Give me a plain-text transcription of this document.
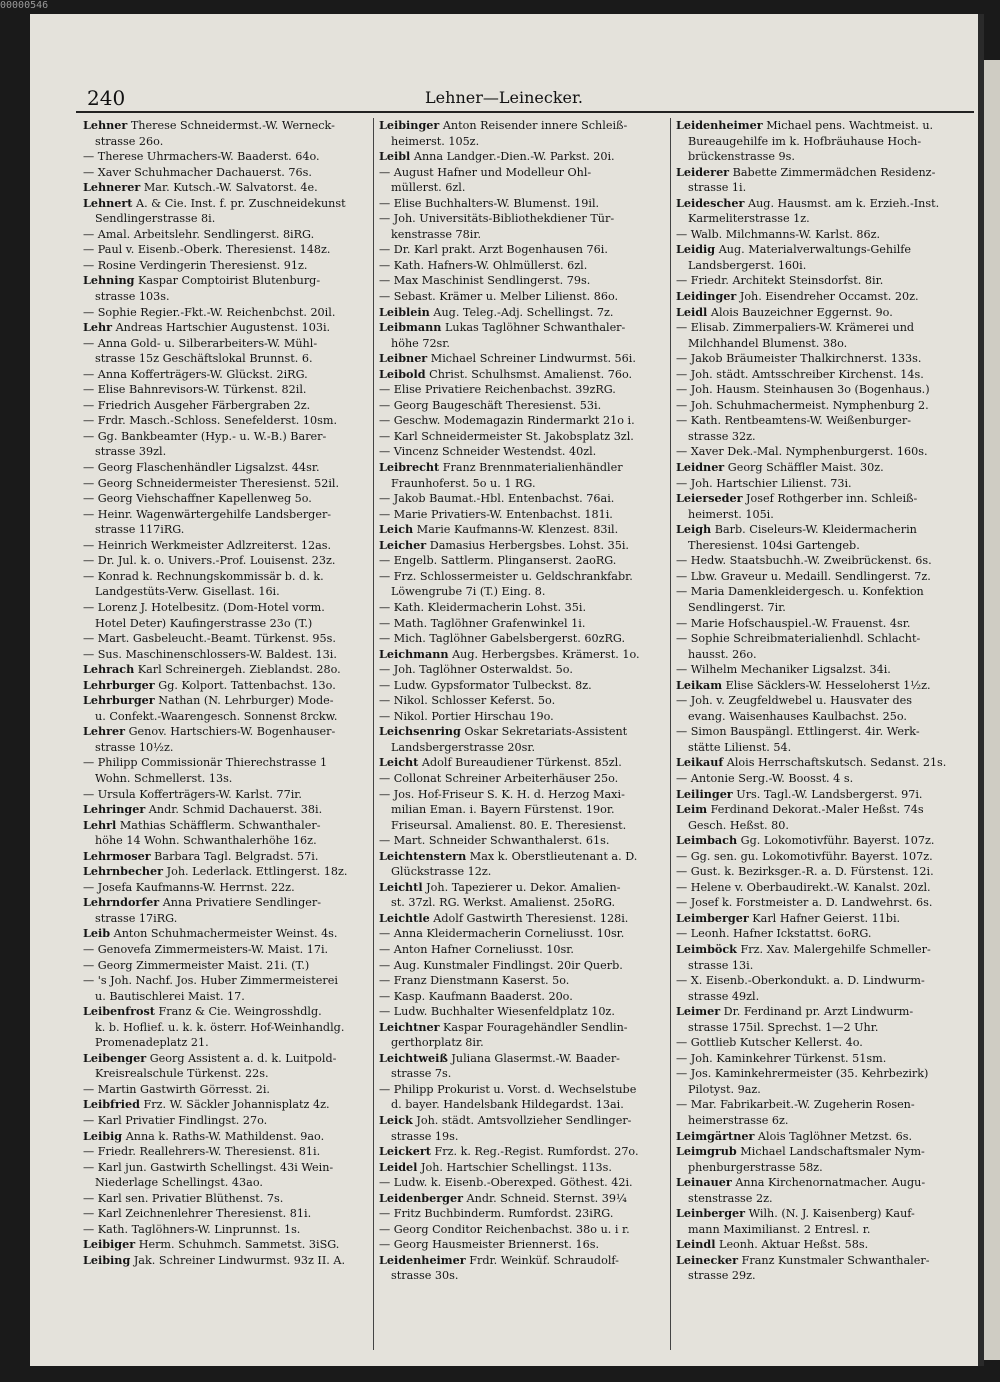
00000546
240	Lehner—Leinecker.
Lehner Therese Schneidermst.-W. Werneck-
strasse 26o.
— Therese Uhrmachers-W. Baaderst. 64o.
— Xaver Schuhmacher Dachauerst. 76s.
Lehnerer Mar. Kutsch.-W. Salvatorst. 4e.
Lehnert A. & Cie. Inst. f. pr. Zuschneidekunst
Sendlingerstrasse 8i.
— Amal. Arbeitslehr. Sendlingerst. 8iRG.
— Paul v. Eisenb.-Oberk. Theresienst. 148z.
— Rosine Verdingerin Theresienst. 91z.
Lehning Kaspar Comptoirist Blutenburg-
strasse 103s.
— Sophie Regier.-Fkt.-W. Reichenbchst. 20il.
Lehr Andreas Hartschier Augustenst. 103i.
— Anna Gold- u. Silberarbeiters-W. Mühl-
strasse 15z Geschäftslokal Brunnst. 6.
— Anna Kofferträgers-W. Glückst. 2iRG.
— Elise Bahnrevisors-W. Türkenst. 82il.
— Friedrich Ausgeher Färbergraben 2z.
— Frdr. Masch.-Schloss. Senefelderst. 10sm.
— Gg. Bankbeamter (Hyp.- u. W.-B.) Barer-
strasse 39zl.
— Georg Flaschenhändler Ligsalzst. 44sr.
— Georg Schneidermeister Theresienst. 52il.
— Georg Viehschaffner Kapellenweg 5o.
— Heinr. Wagenwärtergehilfe Landsberger-
strasse 117iRG.
— Heinrich Werkmeister Adlzreiterst. 12as.
— Dr. Jul. k. o. Univers.-Prof. Louisenst. 23z.
— Konrad k. Rechnungskommissär b. d. k.
Landgestüts-Verw. Gisellast. 16i.
— Lorenz J. Hotelbesitz. (Dom-Hotel vorm.
Hotel Deter) Kaufingerstrasse 23o (T.)
— Mart. Gasbeleucht.-Beamt. Türkenst. 95s.
— Sus. Maschinenschlossers-W. Baldest. 13i.
Lehrach Karl Schreinergeh. Zieblandst. 28o.
Lehrburger Gg. Kolport. Tattenbachst. 13o.
Lehrburger Nathan (N. Lehrburger) Mode-
u. Confekt.-Waarengesch. Sonnenst 8rckw.
Lehrer Genov. Hartschiers-W. Bogenhauser-
strasse 10½z.
— Philipp Commissionär Thierechstrasse 1
Wohn. Schmellerst. 13s.
— Ursula Kofferträgers-W. Karlst. 77ir.
Lehringer Andr. Schmid Dachauerst. 38i.
Lehrl Mathias Schäfflerm. Schwanthaler-
höhe 14 Wohn. Schwanthalerhöhe 16z.
Lehrmoser Barbara Tagl. Belgradst. 57i.
Lehrnbecher Joh. Lederlack. Ettlingerst. 18z.
— Josefa Kaufmanns-W. Herrnst. 22z.
Lehrndorfer Anna Privatiere Sendlinger-
strasse 17iRG.
Leib Anton Schuhmachermeister Weinst. 4s.
— Genovefa Zimmermeisters-W. Maist. 17i.
— Georg Zimmermeister Maist. 21i. (T.)
— 's Joh. Nachf. Jos. Huber Zimmermeisterei
u. Bautischlerei Maist. 17.
Leibenfrost Franz & Cie. Weingrosshdlg.
k. b. Hoflief. u. k. k. österr. Hof-Weinhandlg.
Promenadeplatz 21.
Leibenger Georg Assistent a. d. k. Luitpold-
Kreisrealschule Türkenst. 22s.
— Martin Gastwirth Görresst. 2i.
Leibfried Frz. W. Säckler Johannisplatz 4z.
— Karl Privatier Findlingst. 27o.
Leibig Anna k. Raths-W. Mathildenst. 9ao.
— Friedr. Reallehrers-W. Theresienst. 81i.
— Karl jun. Gastwirth Schellingst. 43i Wein-
Niederlage Schellingst. 43ao.
— Karl sen. Privatier Blüthenst. 7s.
— Karl Zeichnenlehrer Theresienst. 81i.
— Kath. Taglöhners-W. Linprunnst. 1s.
Leibiger Herm. Schuhmch. Sammetst. 3iSG.
Leibing Jak. Schreiner Lindwurmst. 93z II. A.
Leibinger Anton Reisender innere Schleiß-
heimerst. 105z.
Leibl Anna Landger.-Dien.-W. Parkst. 20i.
— August Hafner und Modelleur Ohl-
müllerst. 6zl.
— Elise Buchhalters-W. Blumenst. 19il.
— Joh. Universitäts-Bibliothekdiener Tür-
kenstrasse 78ir.
— Dr. Karl prakt. Arzt Bogenhausen 76i.
— Kath. Hafners-W. Ohlmüllerst. 6zl.
— Max Maschinist Sendlingerst. 79s.
— Sebast. Krämer u. Melber Lilienst. 86o.
Leiblein Aug. Teleg.-Adj. Schellingst. 7z.
Leibmann Lukas Taglöhner Schwanthaler-
höhe 72sr.
Leibner Michael Schreiner Lindwurmst. 56i.
Leibold Christ. Schulhsmst. Amalienst. 76o.
— Elise Privatiere Reichenbachst. 39zRG.
— Georg Baugeschäft Theresienst. 53i.
— Geschw. Modemagazin Rindermarkt 21o i.
— Karl Schneidermeister St. Jakobsplatz 3zl.
— Vincenz Schneider Westendst. 40zl.
Leibrecht Franz Brennmaterialienhändler
Fraunhoferst. 5o u. 1 RG.
— Jakob Baumat.-Hbl. Entenbachst. 76ai.
— Marie Privatiers-W. Entenbachst. 181i.
Leich Marie Kaufmanns-W. Klenzest. 83il.
Leicher Damasius Herbergsbes. Lohst. 35i.
— Engelb. Sattlerm. Plinganserst. 2aoRG.
— Frz. Schlossermeister u. Geldschrankfabr.
Löwengrube 7i (T.) Eing. 8.
— Kath. Kleidermacherin Lohst. 35i.
— Math. Taglöhner Grafenwinkel 1i.
— Mich. Taglöhner Gabelsbergerst. 60zRG.
Leichmann Aug. Herbergsbes. Krämerst. 1o.
— Joh. Taglöhner Osterwaldst. 5o.
— Ludw. Gypsformator Tulbeckst. 8z.
— Nikol. Schlosser Keferst. 5o.
— Nikol. Portier Hirschau 19o.
Leichsenring Oskar Sekretariats-Assistent
Landsbergerstrasse 20sr.
Leicht Adolf Bureaudiener Türkenst. 85zl.
— Collonat Schreiner Arbeiterhäuser 25o.
— Jos. Hof-Friseur S. K. H. d. Herzog Maxi-
milian Eman. i. Bayern Fürstenst. 19or.
Friseursal. Amalienst. 80. E. Theresienst.
— Mart. Schneider Schwanthalerst. 61s.
Leichtenstern Max k. Oberstlieutenant a. D.
Glückstrasse 12z.
Leichtl Joh. Tapezierer u. Dekor. Amalien-
st. 37zl. RG. Werkst. Amalienst. 25oRG.
Leichtle Adolf Gastwirth Theresienst. 128i.
— Anna Kleidermacherin Corneliusst. 10sr.
— Anton Hafner Corneliusst. 10sr.
— Aug. Kunstmaler Findlingst. 20ir Querb.
— Franz Dienstmann Kaserst. 5o.
— Kasp. Kaufmann Baaderst. 20o.
— Ludw. Buchhalter Wiesenfeldplatz 10z.
Leichtner Kaspar Fouragehändler Sendlin-
gerthorplatz 8ir.
Leichtweiß Juliana Glasermst.-W. Baader-
strasse 7s.
— Philipp Prokurist u. Vorst. d. Wechselstube
d. bayer. Handelsbank Hildegardst. 13ai.
Leick Joh. städt. Amtsvollzieher Sendlinger-
strasse 19s.
Leickert Frz. k. Reg.-Regist. Rumfordst. 27o.
Leidel Joh. Hartschier Schellingst. 113s.
— Ludw. k. Eisenb.-Oberexped. Göthest. 42i.
Leidenberger Andr. Schneid. Sternst. 39¼
— Fritz Buchbinderm. Rumfordst. 23iRG.
— Georg Conditor Reichenbachst. 38o u. i r.
— Georg Hausmeister Briennerst. 16s.
Leidenheimer Frdr. Weinküf. Schraudolf-
strasse 30s.
Leidenheimer Michael pens. Wachtmeist. u.
Bureaugehilfe im k. Hofbräuhause Hoch-
brückenstrasse 9s.
Leiderer Babette Zimmermädchen Residenz-
strasse 1i.
Leidescher Aug. Hausmst. am k. Erzieh.-Inst.
Karmeliterstrasse 1z.
— Walb. Milchmanns-W. Karlst. 86z.
Leidig Aug. Materialverwaltungs-Gehilfe
Landsbergerst. 160i.
— Friedr. Architekt Steinsdorfst. 8ir.
Leidinger Joh. Eisendreher Occamst. 20z.
Leidl Alois Bauzeichner Eggernst. 9o.
— Elisab. Zimmerpaliers-W. Krämerei und
Milchhandel Blumenst. 38o.
— Jakob Bräumeister Thalkirchnerst. 133s.
— Joh. städt. Amtsschreiber Kirchenst. 14s.
— Joh. Hausm. Steinhausen 3o (Bogenhaus.)
— Joh. Schuhmachermeist. Nymphenburg 2.
— Kath. Rentbeamtens-W. Weißenburger-
strasse 32z.
— Xaver Dek.-Mal. Nymphenburgerst. 160s.
Leidner Georg Schäffler Maist. 30z.
— Joh. Hartschier Lilienst. 73i.
Leierseder Josef Rothgerber inn. Schleiß-
heimerst. 105i.
Leigh Barb. Ciseleurs-W. Kleidermacherin
Theresienst. 104si Gartengeb.
— Hedw. Staatsbuchh.-W. Zweibrückenst. 6s.
— Lbw. Graveur u. Medaill. Sendlingerst. 7z.
— Maria Damenkleidergesch. u. Konfektion
Sendlingerst. 7ir.
— Marie Hofschauspiel.-W. Frauenst. 4sr.
— Sophie Schreibmaterialienhdl. Schlacht-
hausst. 26o.
— Wilhelm Mechaniker Ligsalzst. 34i.
Leikam Elise Säcklers-W. Hesseloherst 1½z.
— Joh. v. Zeugfeldwebel u. Hausvater des
evang. Waisenhauses Kaulbachst. 25o.
— Simon Bauspängl. Ettlingerst. 4ir. Werk-
stätte Lilienst. 54.
Leikauf Alois Herrschaftskutsch. Sedanst. 21s.
— Antonie Serg.-W. Boosst. 4 s.
Leilinger Urs. Tagl.-W. Landsbergerst. 97i.
Leim Ferdinand Dekorat.-Maler Heßst. 74s
Gesch. Heßst. 80.
Leimbach Gg. Lokomotivführ. Bayerst. 107z.
— Gg. sen. gu. Lokomotivführ. Bayerst. 107z.
— Gust. k. Bezirksger.-R. a. D. Fürstenst. 12i.
— Helene v. Oberbaudirekt.-W. Kanalst. 20zl.
— Josef k. Forstmeister a. D. Landwehrst. 6s.
Leimberger Karl Hafner Geierst. 11bi.
— Leonh. Hafner Ickstattst. 6oRG.
Leimböck Frz. Xav. Malergehilfe Schmeller-
strasse 13i.
— X. Eisenb.-Oberkondukt. a. D. Lindwurm-
strasse 49zl.
Leimer Dr. Ferdinand pr. Arzt Lindwurm-
strasse 175il. Sprechst. 1—2 Uhr.
— Gottlieb Kutscher Kellerst. 4o.
— Joh. Kaminkehrer Türkenst. 51sm.
— Jos. Kaminkehrermeister (35. Kehrbezirk)
Pilotyst. 9az.
— Mar. Fabrikarbeit.-W. Zugeherin Rosen-
heimerstrasse 6z.
Leimgärtner Alois Taglöhner Metzst. 6s.
Leimgrub Michael Landschaftsmaler Nym-
phenburgerstrasse 58z.
Leinauer Anna Kirchenornatmacher. Augu-
stenstrasse 2z.
Leinberger Wilh. (N. J. Kaisenberg) Kauf-
mann Maximilianst. 2 Entresl. r.
Leindl Leonh. Aktuar Heßst. 58s.
Leinecker Franz Kunstmaler Schwanthaler-
strasse 29z.
